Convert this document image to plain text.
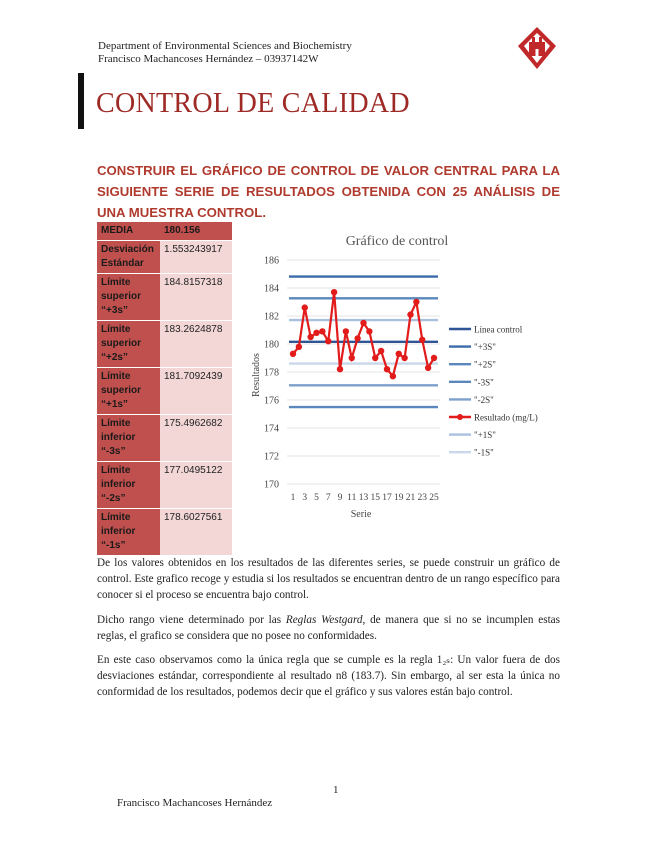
Department of Environmental Sciences and Biochemistry
Francisco Machancoses Hernández – 03937142W
CONTROL DE CALIDAD
CONSTRUIR EL GRÁFICO DE CONTROL DE VALOR CENTRAL PARA LA SIGUIENTE SERIE DE RESULTADOS OBTENIDA CON 25 ANÁLISIS DE UNA MUESTRA CONTROL.
MEDIA	180.156
Desviación Estándar	1.553243917
Límite superior “+3s”	184.8157318
Límite superior “+2s”	183.2624878
Límite superior “+1s”	181.7092439
Límite inferior “-3s”	175.4962682
Límite inferior “-2s”	177.0495122
Límite inferior “-1s”	178.6027561
Gráfico de control
170
172
174
176
178
180
182
184
186
1 3 5 7 9 11 13 15 17 19 21 23 25
Serie
Resultados
Línea control
"+3S"
"+2S"
"-3S"
"-2S"
Resultado (mg/L)
"+1S"
"-1S"
De los valores obtenidos en los resultados de las diferentes series, se puede construir un gráfico de control. Este grafico recoge y estudia si los resultados se encuentran dentro de un rango específico para conocer si el proceso se encuentra bajo control.
Dicho rango viene determinado por las Reglas Westgard, de manera que si no se incumplen estas reglas, el grafico se considera que no posee no conformidades.
En este caso observamos como la única regla que se cumple es la regla 1₂ₛ: Un valor fuera de dos desviaciones estándar, correspondiente al resultado n8 (183.7). Sin embargo, al ser esta la única no conformidad de los resultados, podemos decir que el gráfico y sus valores están bajo control.
1
Francisco Machancoses Hernández
